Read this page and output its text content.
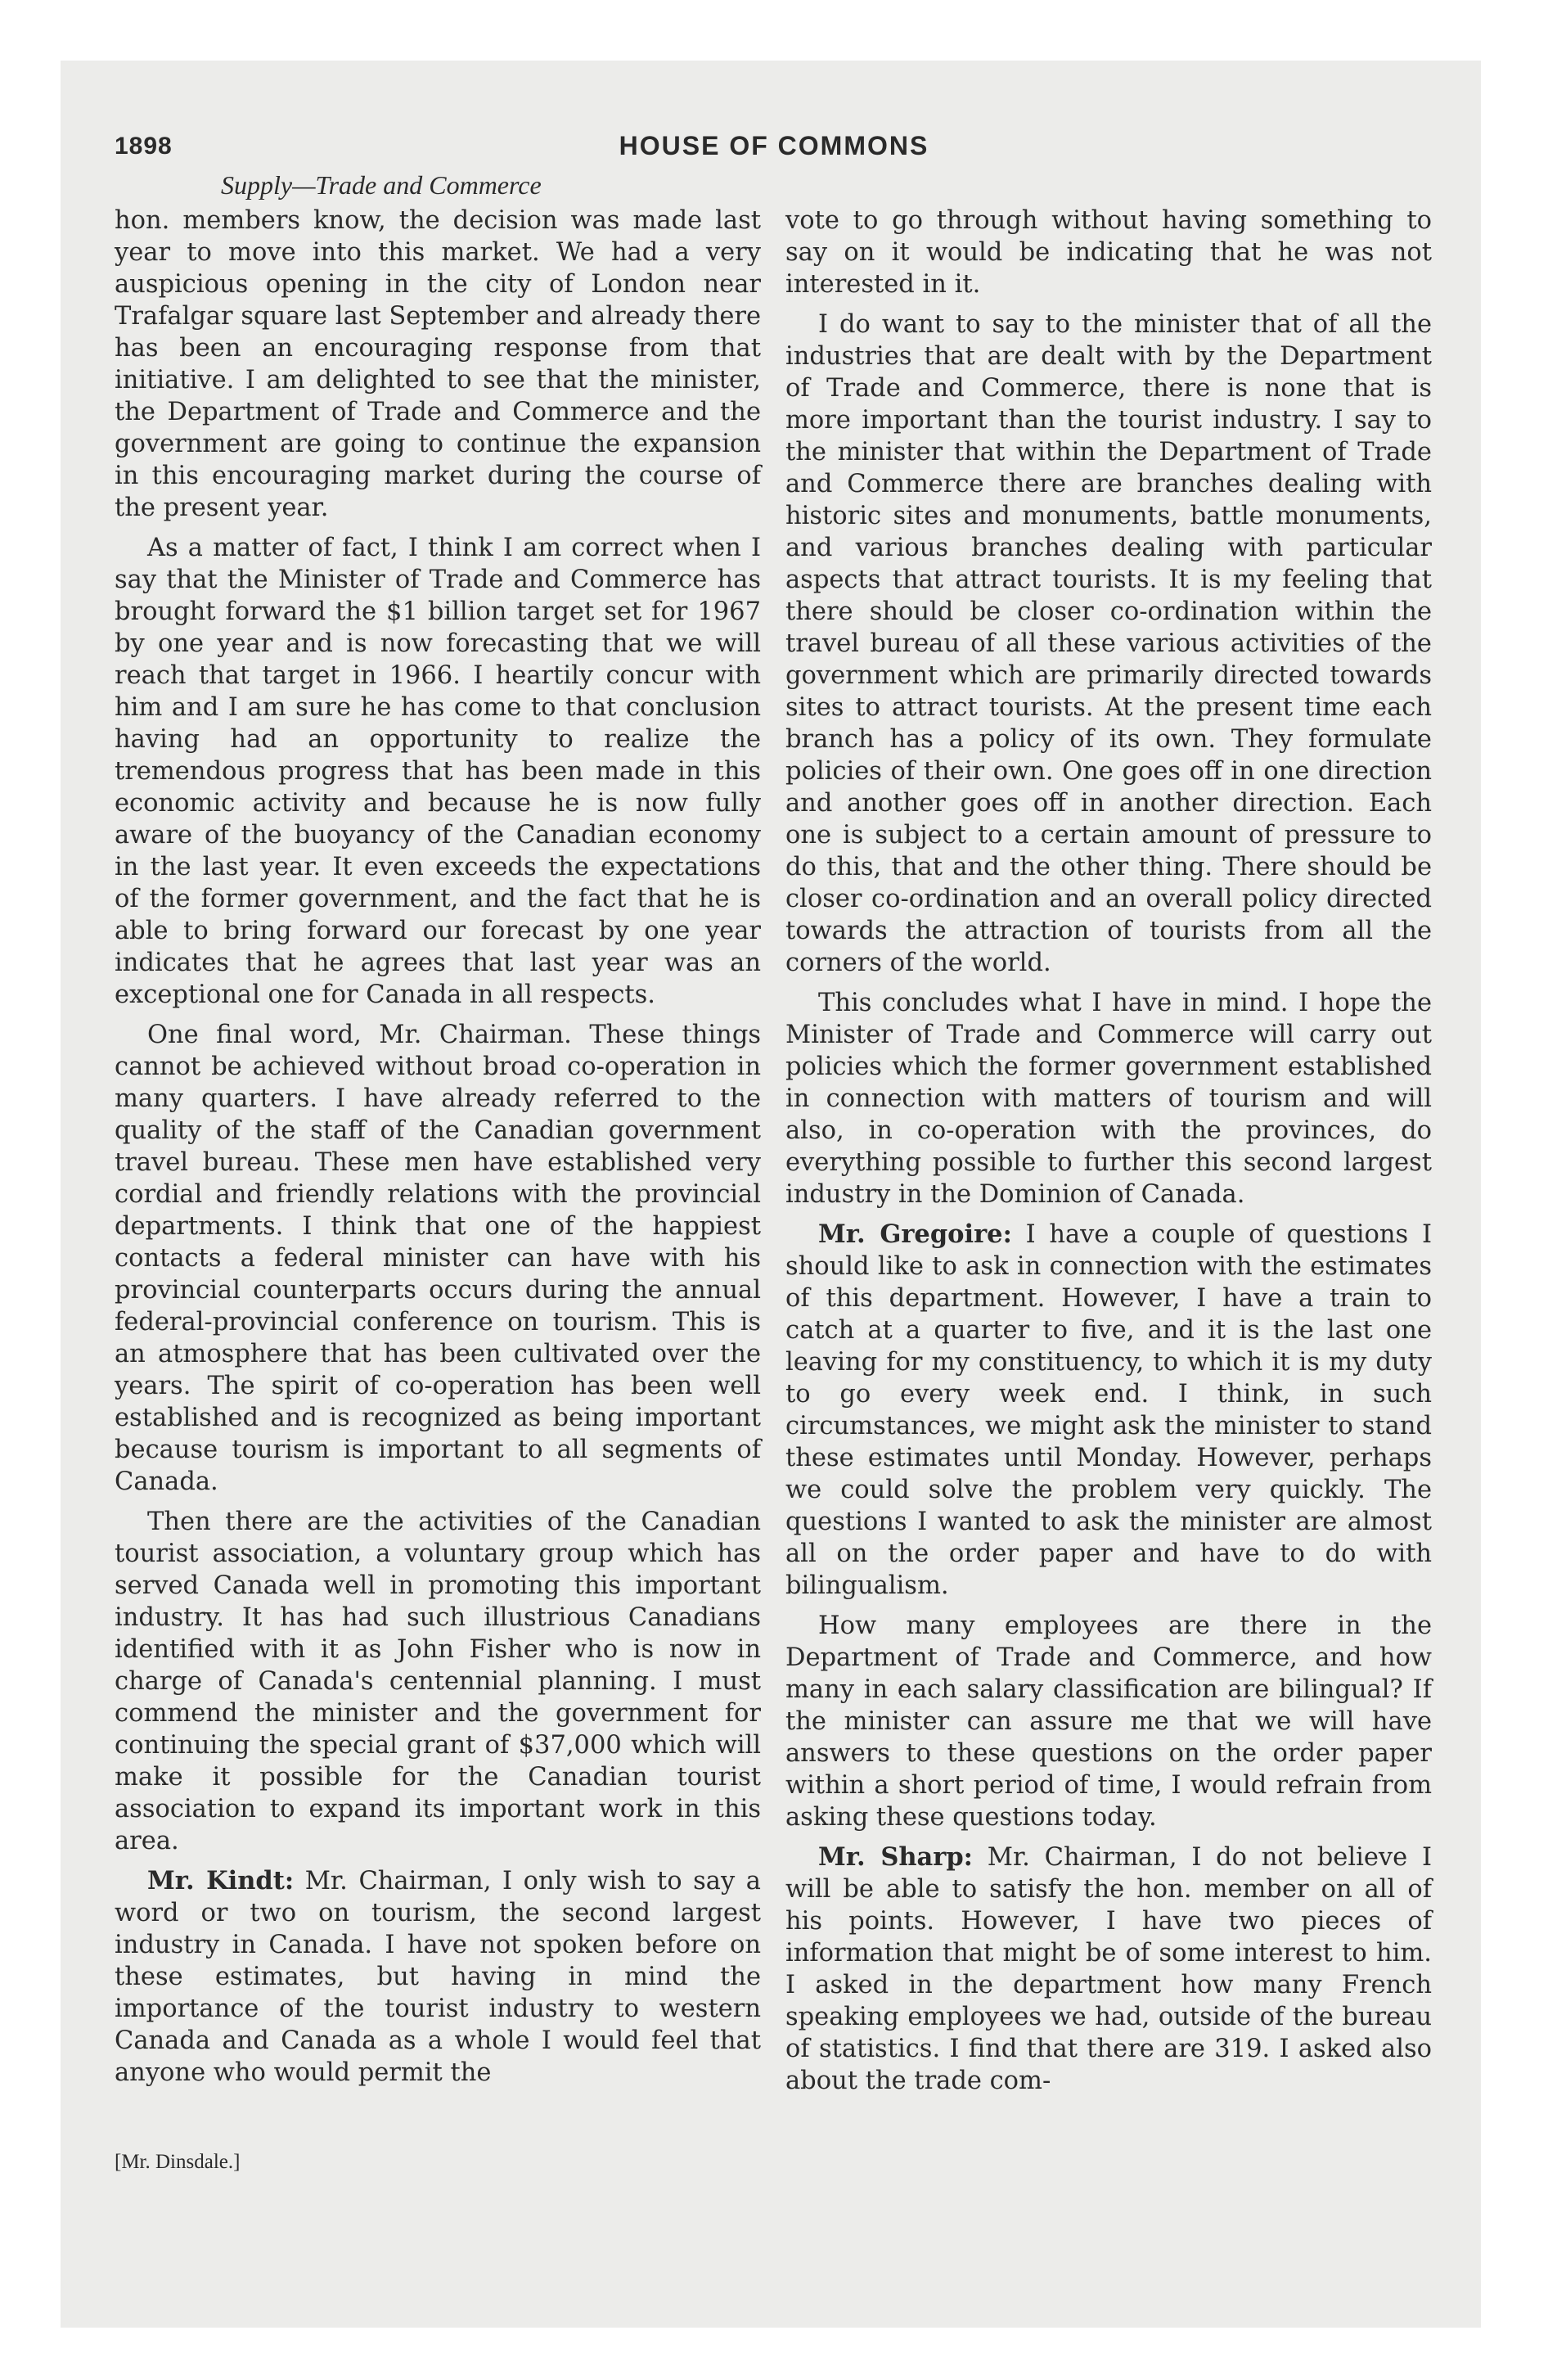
1898	HOUSE OF COMMONS
Supply—Trade and Commerce

hon. members know, the decision was made last year to move into this market. We had a very auspicious opening in the city of London near Trafalgar square last September and already there has been an encouraging response from that initiative. I am delighted to see that the minister, the Department of Trade and Commerce and the government are going to continue the expansion in this encouraging market during the course of the present year.

As a matter of fact, I think I am correct when I say that the Minister of Trade and Commerce has brought forward the $1 billion target set for 1967 by one year and is now forecasting that we will reach that target in 1966. I heartily concur with him and I am sure he has come to that conclusion having had an opportunity to realize the tremendous progress that has been made in this economic activity and because he is now fully aware of the buoyancy of the Canadian economy in the last year. It even exceeds the expectations of the former government, and the fact that he is able to bring forward our forecast by one year indicates that he agrees that last year was an exceptional one for Canada in all respects.

One final word, Mr. Chairman. These things cannot be achieved without broad co-operation in many quarters. I have already referred to the quality of the staff of the Canadian government travel bureau. These men have established very cordial and friendly relations with the provincial departments. I think that one of the happiest contacts a federal minister can have with his provincial counterparts occurs during the annual federal-provincial conference on tourism. This is an atmosphere that has been cultivated over the years. The spirit of co-operation has been well established and is recognized as being important because tourism is important to all segments of Canada.

Then there are the activities of the Canadian tourist association, a voluntary group which has served Canada well in promoting this important industry. It has had such illustrious Canadians identified with it as John Fisher who is now in charge of Canada's centennial planning. I must commend the minister and the government for continuing the special grant of $37,000 which will make it possible for the Canadian tourist association to expand its important work in this area.

Mr. Kindt: Mr. Chairman, I only wish to say a word or two on tourism, the second largest industry in Canada. I have not spoken before on these estimates, but having in mind the importance of the tourist industry to western Canada and Canada as a whole I would feel that anyone who would permit the

vote to go through without having something to say on it would be indicating that he was not interested in it.

I do want to say to the minister that of all the industries that are dealt with by the Department of Trade and Commerce, there is none that is more important than the tourist industry. I say to the minister that within the Department of Trade and Commerce there are branches dealing with historic sites and monuments, battle monuments, and various branches dealing with particular aspects that attract tourists. It is my feeling that there should be closer co-ordination within the travel bureau of all these various activities of the government which are primarily directed towards sites to attract tourists. At the present time each branch has a policy of its own. They formulate policies of their own. One goes off in one direction and another goes off in another direction. Each one is subject to a certain amount of pressure to do this, that and the other thing. There should be closer co-ordination and an overall policy directed towards the attraction of tourists from all the corners of the world.

This concludes what I have in mind. I hope the Minister of Trade and Commerce will carry out policies which the former government established in connection with matters of tourism and will also, in co-operation with the provinces, do everything possible to further this second largest industry in the Dominion of Canada.

Mr. Gregoire: I have a couple of questions I should like to ask in connection with the estimates of this department. However, I have a train to catch at a quarter to five, and it is the last one leaving for my constituency, to which it is my duty to go every week end. I think, in such circumstances, we might ask the minister to stand these estimates until Monday. However, perhaps we could solve the problem very quickly. The questions I wanted to ask the minister are almost all on the order paper and have to do with bilingualism.

How many employees are there in the Department of Trade and Commerce, and how many in each salary classification are bilingual? If the minister can assure me that we will have answers to these questions on the order paper within a short period of time, I would refrain from asking these questions today.

Mr. Sharp: Mr. Chairman, I do not believe I will be able to satisfy the hon. member on all of his points. However, I have two pieces of information that might be of some interest to him. I asked in the department how many French speaking employees we had, outside of the bureau of statistics. I find that there are 319. I asked also about the trade com-

[Mr. Dinsdale.]
